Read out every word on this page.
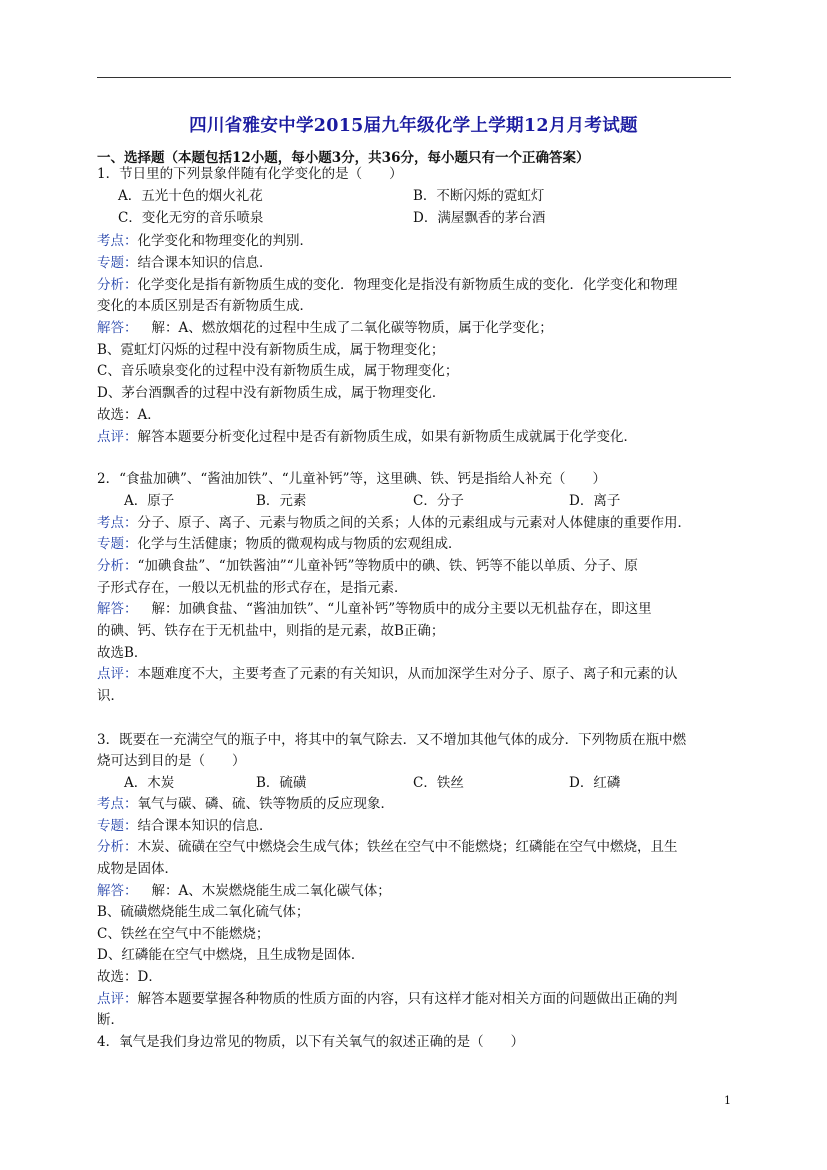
四川省雅安中学2015届九年级化学上学期12月月考试题
一、选择题（本题包括12小题，每小题3分，共36分，每小题只有一个正确答案）
1．节日里的下列景象伴随有化学变化的是（　　）
A．五光十色的烟火礼花	B．不断闪烁的霓虹灯
C．变化无穷的音乐喷泉	D．满屋飘香的茅台酒
考点：化学变化和物理变化的判别．
专题：结合课本知识的信息．
分析：化学变化是指有新物质生成的变化．物理变化是指没有新物质生成的变化．化学变化和物理
变化的本质区别是否有新物质生成．
解答： 解：A、燃放烟花的过程中生成了二氧化碳等物质，属于化学变化；
B、霓虹灯闪烁的过程中没有新物质生成，属于物理变化；
C、音乐喷泉变化的过程中没有新物质生成，属于物理变化；
D、茅台酒飘香的过程中没有新物质生成，属于物理变化．
故选：A．
点评：解答本题要分析变化过程中是否有新物质生成，如果有新物质生成就属于化学变化．
2．“食盐加碘”、“酱油加铁”、“儿童补钙”等，这里碘、铁、钙是指给人补充（　　）
A．原子	B．元素	C．分子	D．离子
考点：分子、原子、离子、元素与物质之间的关系；人体的元素组成与元素对人体健康的重要作用．
专题：化学与生活健康；物质的微观构成与物质的宏观组成．
分析：“加碘食盐”、“加铁酱油”“儿童补钙”等物质中的碘、铁、钙等不能以单质、分子、原
子形式存在，一般以无机盐的形式存在，是指元素．
解答： 解：加碘食盐、“酱油加铁”、“儿童补钙”等物质中的成分主要以无机盐存在，即这里
的碘、钙、铁存在于无机盐中，则指的是元素，故B正确；
故选B．
点评：本题难度不大，主要考查了元素的有关知识，从而加深学生对分子、原子、离子和元素的认
识．
3．既要在一充满空气的瓶子中，将其中的氧气除去．又不增加其他气体的成分．下列物质在瓶中燃
烧可达到目的是（　　）
A．木炭	B．硫磺	C．铁丝	D．红磷
考点：氧气与碳、磷、硫、铁等物质的反应现象．
专题：结合课本知识的信息．
分析：木炭、硫磺在空气中燃烧会生成气体；铁丝在空气中不能燃烧；红磷能在空气中燃烧，且生
成物是固体．
解答： 解：A、木炭燃烧能生成二氧化碳气体；
B、硫磺燃烧能生成二氧化硫气体；
C、铁丝在空气中不能燃烧；
D、红磷能在空气中燃烧，且生成物是固体．
故选：D．
点评：解答本题要掌握各种物质的性质方面的内容，只有这样才能对相关方面的问题做出正确的判
断．
4．氧气是我们身边常见的物质，以下有关氧气的叙述正确的是（　　）
1
